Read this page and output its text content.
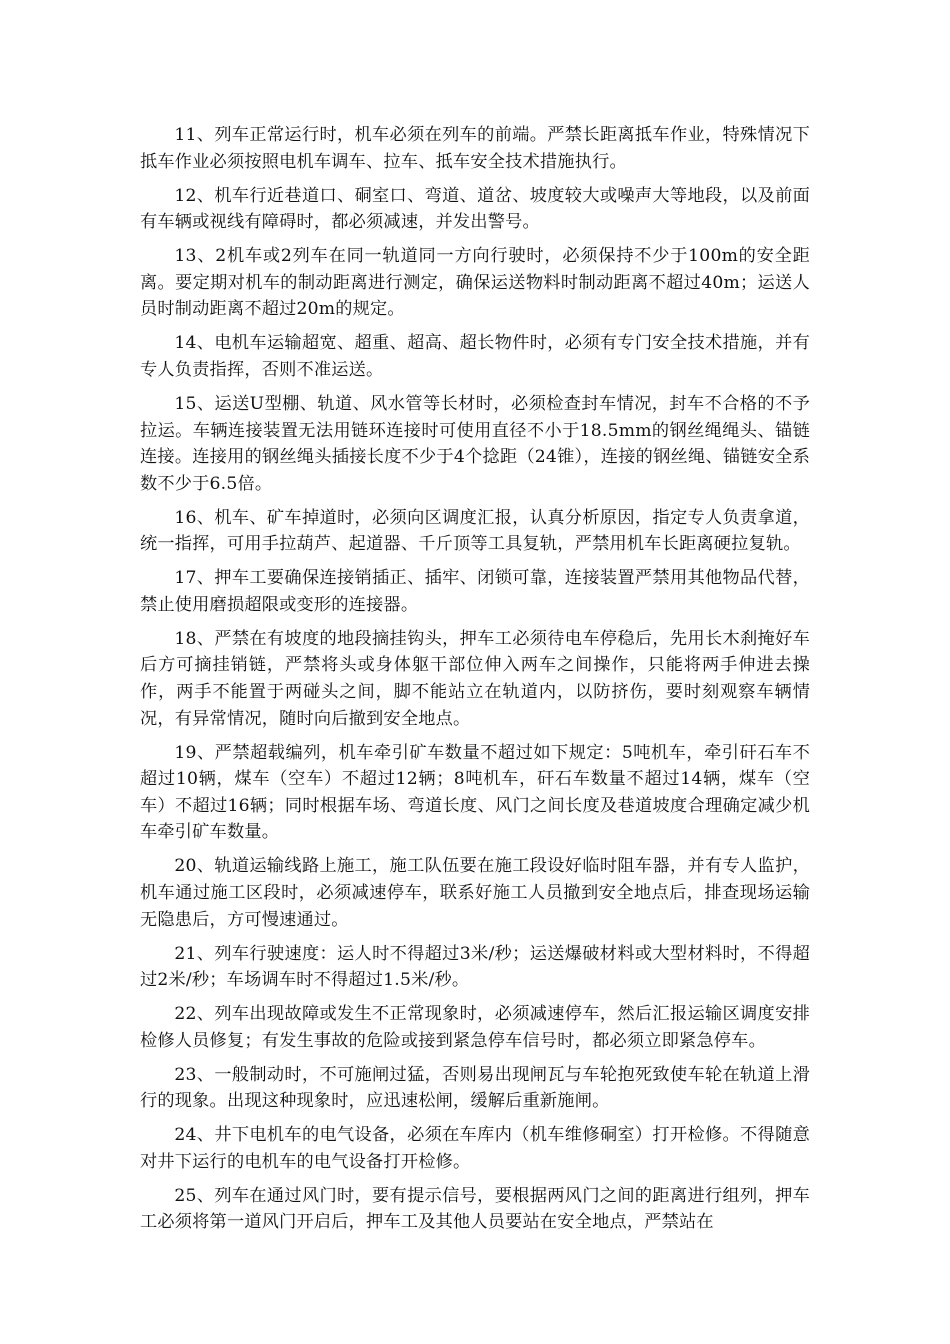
11、列车正常运行时，机车必须在列车的前端。严禁长距离抵车作业，特殊情况下抵车作业必须按照电机车调车、拉车、抵车安全技术措施执行。

12、机车行近巷道口、硐室口、弯道、道岔、坡度较大或噪声大等地段，以及前面有车辆或视线有障碍时，都必须减速，并发出警号。

13、2机车或2列车在同一轨道同一方向行驶时，必须保持不少于100m的安全距离。要定期对机车的制动距离进行测定，确保运送物料时制动距离不超过40m；运送人员时制动距离不超过20m的规定。

14、电机车运输超宽、超重、超高、超长物件时，必须有专门安全技术措施，并有专人负责指挥，否则不准运送。

15、运送U型棚、轨道、风水管等长材时，必须检查封车情况，封车不合格的不予拉运。车辆连接装置无法用链环连接时可使用直径不小于18.5mm的钢丝绳绳头、锚链连接。连接用的钢丝绳头插接长度不少于4个捻距（24锥），连接的钢丝绳、锚链安全系数不少于6.5倍。

16、机车、矿车掉道时，必须向区调度汇报，认真分析原因，指定专人负责拿道，统一指挥，可用手拉葫芦、起道器、千斤顶等工具复轨，严禁用机车长距离硬拉复轨。

17、押车工要确保连接销插正、插牢、闭锁可靠，连接装置严禁用其他物品代替，禁止使用磨损超限或变形的连接器。

18、严禁在有坡度的地段摘挂钩头，押车工必须待电车停稳后，先用长木刹掩好车后方可摘挂销链，严禁将头或身体躯干部位伸入两车之间操作，只能将两手伸进去操作，两手不能置于两碰头之间，脚不能站立在轨道内，以防挤伤，要时刻观察车辆情况，有异常情况，随时向后撤到安全地点。

19、严禁超载编列，机车牵引矿车数量不超过如下规定：5吨机车，牵引矸石车不超过10辆，煤车（空车）不超过12辆；8吨机车，矸石车数量不超过14辆，煤车（空车）不超过16辆；同时根据车场、弯道长度、风门之间长度及巷道坡度合理确定减少机车牵引矿车数量。

20、轨道运输线路上施工，施工队伍要在施工段设好临时阻车器，并有专人监护，机车通过施工区段时，必须减速停车，联系好施工人员撤到安全地点后，排查现场运输无隐患后，方可慢速通过。

21、列车行驶速度：运人时不得超过3米/秒；运送爆破材料或大型材料时，不得超过2米/秒；车场调车时不得超过1.5米/秒。

22、列车出现故障或发生不正常现象时，必须减速停车，然后汇报运输区调度安排检修人员修复；有发生事故的危险或接到紧急停车信号时，都必须立即紧急停车。

23、一般制动时，不可施闸过猛，否则易出现闸瓦与车轮抱死致使车轮在轨道上滑行的现象。出现这种现象时，应迅速松闸，缓解后重新施闸。

24、井下电机车的电气设备，必须在车库内（机车维修硐室）打开检修。不得随意对井下运行的电机车的电气设备打开检修。

25、列车在通过风门时，要有提示信号，要根据两风门之间的距离进行组列，押车工必须将第一道风门开启后，押车工及其他人员要站在安全地点，严禁站在
